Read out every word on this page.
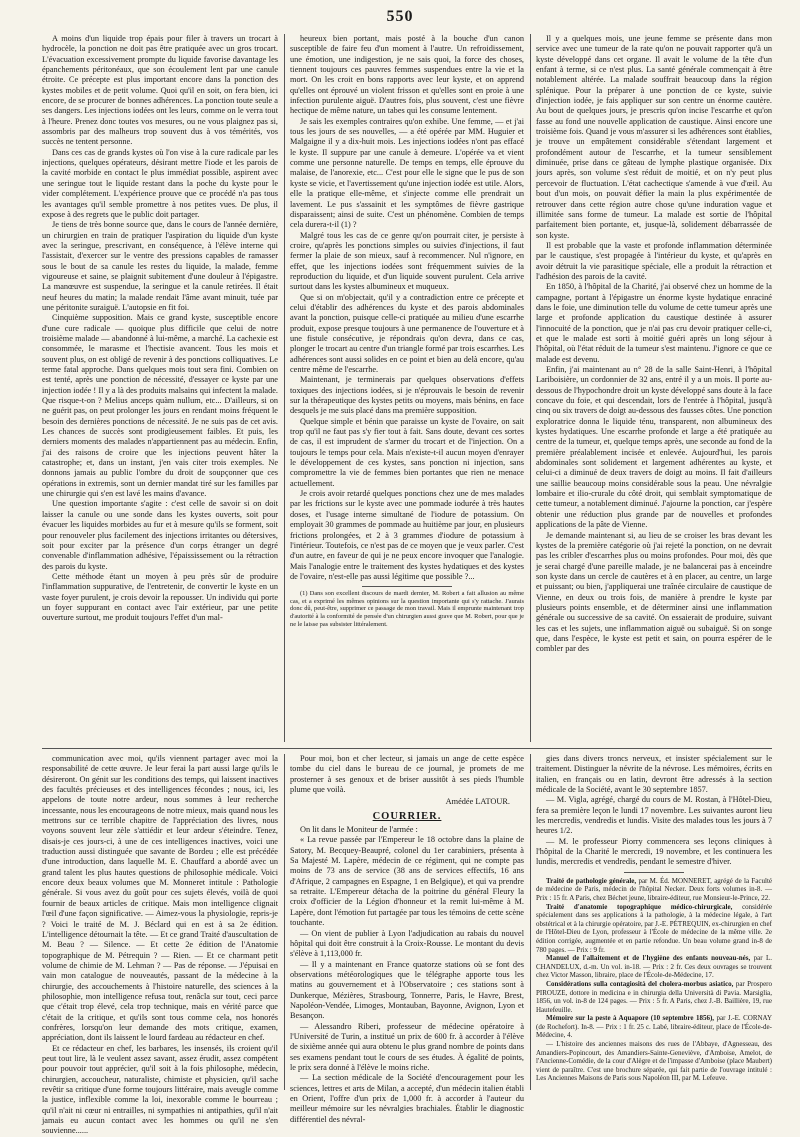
550

A moins d'un liquide trop épais pour filer à travers un trocart à hydrocèle, la ponction ne doit pas être pratiquée avec un gros trocart. L'évacuation excessivement prompte du liquide favorise davantage les épanchements péritonéaux, que son écoulement lent par une canule étroite. Ce précepte est plus important encore dans la ponction des kystes mobiles et de petit volume. Quoi qu'il en soit, on fera bien, ici encore, de se procurer de bonnes adhérences. La ponction toute seule a ses dangers. Les injections iodées ont les leurs, comme on le verra tout à l'heure. Prenez donc toutes vos mesures, ou ne vous plaignez pas si, assombris par des malheurs trop souvent dus à vos témérités, vos succès ne tentent personne.

Dans ces cas de grands kystes où l'on vise à la cure radicale par les injections, quelques opérateurs, désirant mettre l'iode et les parois de la cavité morbide en contact le plus immédiat possible, aspirent avec une seringue tout le liquide restant dans la poche du kyste pour le vider complétement. L'expérience prouve que ce procédé n'a pas tous les avantages qu'il semble promettre à nos petites vues. De plus, il expose à des regrets que le public doit partager.

Je tiens de très bonne source que, dans le cours de l'année dernière, un chirurgien en train de pratiquer l'aspiration du liquide d'un kyste avec la seringue, prescrivant, en conséquence, à l'élève interne qui l'assistait, d'exercer sur le ventre des pressions capables de ramasser sous le bout de sa canule les restes du liquide, la malade, femme vigoureuse et saine, se plaignit subitement d'une douleur à l'épigastre. La manœuvre est suspendue, la seringue et la canule retirées. Il était neuf heures du matin; la malade rendait l'âme avant minuit, tuée par une péritonite suraiguë. L'autopsie en fit foi.

Cinquième supposition. Mais ce grand kyste, susceptible encore d'une cure radicale — quoique plus difficile que celui de notre troisième malade — abandonné à lui-même, a marché. La cachexie est consommée, le marasme et l'hectisie avancent. Tous les mois et souvent plus, on est obligé de revenir à des ponctions colliquatives. Le terme fatal approche. Dans quelques mois tout sera fini. Combien on est tenté, après une ponction de nécessité, d'essayer ce kyste par une injection iodée ! Il y a là des produits malsains qui infectent la malade. Que risque-t-on ? Melius anceps quàm nullum, etc... D'ailleurs, si on ne guérit pas, on peut prolonger les jours en rendant moins fréquent le besoin des dernières ponctions de nécessité. Je ne suis pas de cet avis. Les chances de succès sont prodigieusement faibles. Et puis, les derniers moments des malades n'appartiennent pas au médecin. Enfin, j'ai des raisons de croire que les injections peuvent hâter la catastrophe; et, dans un instant, j'en vais citer trois exemples. Ne donnons jamais au public l'ombre du droit de soupçonner que ces opérations in extremis, sont un dernier mandat tiré sur les familles par une chirurgie qui s'en est lavé les mains d'avance.

Une question importante s'agite : c'est celle de savoir si on doit laisser la canule ou une sonde dans les kystes ouverts, soit pour évacuer les liquides morbides au fur et à mesure qu'ils se forment, soit pour renouveler plus facilement des injections irritantes ou détersives, soit pour exciter par la présence d'un corps étranger un degré convenable d'inflammation adhésive, l'épaississement ou la rétraction des parois du kyste.

Cette méthode étant un moyen à peu près sûr de produire l'inflammation suppurative, de l'entretenir, de convertir le kyste en un vaste foyer purulent, je crois devoir la repousser. Un individu qui porte un foyer suppurant en contact avec l'air extérieur, par une petite ouverture surtout, me produit toujours l'effet d'un mal-

heureux bien portant, mais posté à la bouche d'un canon susceptible de faire feu d'un moment à l'autre. Un refroidissement, une émotion, une indigestion, je ne sais quoi, la force des choses, tiennent toujours ces pauvres femmes suspendues entre la vie et la mort. On les croit en bons rapports avec leur kyste, et on apprend qu'elles ont éprouvé un violent frisson et qu'elles sont en proie à une infection purulente aiguë. D'autres fois, plus souvent, c'est une fièvre hectique de même nature, un tabes qui les consume lentement.

Je sais les exemples contraires qu'on exhibe. Une femme, — et j'ai tous les jours de ses nouvelles, — a été opérée par MM. Huguier et Malgaigne il y a dix-huit mois. Les injections iodées n'ont pas effacé le kyste. Il suppure par une canule à demeure. L'opérée va et vient comme une personne naturelle. De temps en temps, elle éprouve du malaise, de l'anorexie, etc... C'est pour elle le signe que le pus de son kyste se vicie, et l'avertissement qu'une injection iodée est utile. Alors, elle la pratique elle-même, et s'injecte comme elle prendrait un lavement. Le pus s'assainit et les symptômes de fièvre gastrique disparaissent; ainsi de suite. C'est un phénomène. Combien de temps cela durera-t-il (1) ?

Malgré tous les cas de ce genre qu'on pourrait citer, je persiste à croire, qu'après les ponctions simples ou suivies d'injections, il faut fermer la plaie de son mieux, sauf à recommencer. Nul n'ignore, en effet, que les injections iodées sont fréquemment suivies de la reproduction du liquide, et d'un liquide souvent purulent. Cela arrive surtout dans les kystes albumineux et muqueux.

Que si on m'objectait, qu'il y a contradiction entre ce précepte et celui d'établir des adhérences du kyste et des parois abdominales avant la ponction, puisque celle-ci pratiquée au milieu d'une escarrhe produit, expose presque toujours à une permanence de l'ouverture et à une fistule consécutive, je répondrais qu'on devra, dans ce cas, plonger le trocart au centre d'un triangle formé par trois escarrhes. Les adhérences sont aussi solides en ce point et bien au delà encore, qu'au centre même de l'escarrhe.

Maintenant, je terminerais par quelques observations d'effets toxiques des injections iodées, si je n'éprouvais le besoin de revenir sur la thérapeutique des kystes petits ou moyens, mais bénins, en face desquels je me suis placé dans ma première supposition.

Quelque simple et bénin que paraisse un kyste de l'ovaire, on sait trop qu'il ne faut pas s'y fier tout à fait. Sans doute, devant ces sortes de cas, il est imprudent de s'armer du trocart et de l'injection. On a toujours le temps pour cela. Mais n'existe-t-il aucun moyen d'enrayer le développement de ces kystes, sans ponction ni injection, sans compromettre la vie de femmes bien portantes que rien ne menace actuellement.

Je crois avoir retardé quelques ponctions chez une de mes malades par les frictions sur le kyste avec une pommade iodurée à très hautes doses, et l'usage interne simultané de l'iodure de potassium. On employait 30 grammes de pommade au huitième par jour, en plusieurs frictions prolongées, et 2 à 3 grammes d'iodure de potassium à l'intérieur. Toutefois, ce n'est pas de ce moyen que je veux parler. C'est d'un autre, en faveur de qui je ne peux encore invoquer que l'analogie. Mais l'analogie entre le traitement des kystes hydatiques et des kystes de l'ovaire, n'est-elle pas aussi légitime que possible ?...

(1) Dans son excellent discours de mardi dernier, M. Robert a fait allusion au même cas, et a exprimé les mêmes opinions sur la question importante qui s'y rattache. J'aurais donc dû, peut-être, supprimer ce passage de mon travail. Mais il emprunte maintenant trop d'autorité à la conformité de pensée d'un chirurgien aussi grave que M. Robert, pour que je ne le laisse pas subsister littéralement.

Il y a quelques mois, une jeune femme se présente dans mon service avec une tumeur de la rate qu'on ne pouvait rapporter qu'à un kyste développé dans cet organe. Il avait le volume de la tête d'un enfant à terme, si ce n'est plus. La santé générale commençait à être notablement altérée. La malade souffrait beaucoup dans la région splénique. Pour la préparer à une ponction de ce kyste, suivie d'injection iodée, je fais appliquer sur son centre un énorme cautère. Au bout de quelques jours, je prescris qu'on incise l'escarrhe et qu'on fasse au fond une nouvelle application de caustique. Ainsi encore une troisième fois. Quand je vous m'assurer si les adhérences sont établies, je trouve un empâtement considérable s'étendant largement et profondément autour de l'escarrhe, et la tumeur sensiblement diminuée, prise dans ce gâteau de lymphe plastique organisée. Dix jours après, son volume s'est réduit de moitié, et on n'y peut plus percevoir de fluctuation. L'état cachectique s'amende à vue d'œil. Au bout d'un mois, on pouvait défier la main la plus expérimentée de retrouver dans cette région autre chose qu'une induration vague et illimitée sans forme de tumeur. La malade est sortie de l'hôpital parfaitement bien portante, et, jusque-là, solidement débarrassée de son kyste.

Il est probable que la vaste et profonde inflammation déterminée par le caustique, s'est propagée à l'intérieur du kyste, et qu'après en avoir détruit la vie parasitique spéciale, elle a produit la rétraction et l'adhésion des parois de la cavité.

En 1850, à l'hôpital de la Charité, j'ai observé chez un homme de la campagne, portant à l'épigastre un énorme kyste hydatique enraciné dans le foie, une diminution telle du volume de cette tumeur après une large et profonde application du caustique destinée à assurer l'innocuité de la ponction, que je n'ai pas cru devoir pratiquer celle-ci, et que le malade est sorti à moitié guéri après un long séjour à l'hôpital, où l'état réduit de la tumeur s'est maintenu. J'ignore ce que ce malade est devenu.

Enfin, j'ai maintenant au n° 28 de la salle Saint-Henri, à l'hôpital Lariboisière, un cordonnier de 32 ans, entré il y a un mois. Il porte au-dessous de l'hypochondre droit un kyste développé sans doute à la face concave du foie, et qui descendait, lors de l'entrée à l'hôpital, jusqu'à cinq ou six travers de doigt au-dessous des fausses côtes. Une ponction exploratrice donna le liquide ténu, transparent, non albumineux des kystes hydatiques. Une escarrhe profonde et large a été pratiquée au centre de la tumeur, et, quelque temps après, une seconde au fond de la première préalablement incisée et enlevée. Aujourd'hui, les parois abdominales sont solidement et largement adhérentes au kyste, et celui-ci a diminué de deux travers de doigt au moins. Il fait d'ailleurs une saillie beaucoup moins considérable sous la peau. Une névralgie lombaire et ilio-crurale du côté droit, qui semblait symptomatique de cette tumeur, a notablement diminué. J'ajourne la ponction, car j'espère obtenir une réduction plus grande par de nouvelles et profondes applications de la pâte de Vienne.

Je demande maintenant si, au lieu de se croiser les bras devant les kystes de la première catégorie où j'ai rejeté la ponction, on ne devrait pas les cribler d'escarrhes plus ou moins profondes. Pour moi, dès que je serai chargé d'une pareille malade, je ne balancerai pas à enceindre son kyste dans un cercle de cautères et à en placer, au centre, un large et puissant; ou bien, j'appliquerai une traînée circulaire de caustique de Vienne, en deux ou trois fois, de manière à prendre le kyste par plusieurs points ensemble, et de déterminer ainsi une inflammation générale ou successive de sa cavité. On essaierait de produire, suivant les cas et les sujets, une inflammation aiguë ou subaiguë. Si on songe que, dans l'espèce, le kyste est petit et sain, on pourra espérer de le combler par des

communication avec moi, qu'ils viennent partager avec moi la responsabilité de cette œuvre. Je leur ferai la part aussi large qu'ils le désireront. On génit sur les conditions des temps, qui laissent inactives des facultés précieuses et des intelligences fécondes ; nous, ici, les appelons de toute notre ardeur, nous sommes à leur recherche incessante, nous les encourageons de notre mieux, mais quand nous les mettrons sur ce terrible chapitre de l'appréciation des livres, nous voyons souvent leur zèle s'attiédir et leur ardeur s'éteindre. Tenez, disais-je ces jours-ci, à une de ces intelligences inactives, voici une traduction aussi distinguée que savante de Bordeu ; elle est précédée d'une introduction, dans laquelle M. E. Chauffard a abordé avec un grand talent les plus hautes questions de philosophie médicale. Voici encore deux beaux volumes que M. Monneret intitule : Pathologie générale. Si vous avez du goût pour ces sujets élevés, voilà de quoi fournir de beaux articles de critique. Mais mon intelligence clignait l'œil d'une façon significative. — Aimez-vous la physiologie, repris-je ? Voici le traité de M. J. Béclard qui en est à sa 2e édition. L'intelligence détournait la tête. — Et ce grand Traité d'auscultation de M. Beau ? — Silence. — Et cette 2e édition de l'Anatomie topographique de M. Pétrequin ? — Rien. — Et ce charmant petit volume de chimie de M. Lehman ? — Pas de réponse. — J'épuisai en vain mon catalogue de nouveautés, passant de la médecine à la chirurgie, des accouchements à l'histoire naturelle, des sciences à la philosophie, mon intelligence refusa tout, renâcla sur tout, ceci parce que c'était trop élevé, cela trop technique, mais en vérité parce que c'était de la critique, et qu'ils sont tous comme cela, nos honorés confrères, lorsqu'on leur demande des mots critique, examen, appréciation, dont ils laissent le lourd fardeau au rédacteur en chef.

Et ce rédacteur en chef, les barbares, les insensés, ils croient qu'il peut tout lire, là le veulent assez savant, assez érudit, assez compétent pour pouvoir tout apprécier, qu'il soit à la fois philosophe, médecin, chirurgien, accoucheur, naturaliste, chimiste et physicien, qu'il sache revêtir sa critique d'une forme toujours littéraire, mais aveugle comme la justice, inflexible comme la loi, inexorable comme le bourreau ; qu'il n'ait ni cœur ni entrailles, ni sympathies ni antipathies, qu'il n'ait jamais eu aucun contact avec les hommes ou qu'il ne s'en souvienne......

Pour moi, bon et cher lecteur, si jamais un ange de cette espèce tombe du ciel dans le bureau de ce journal, je promets de me prosterner à ses genoux et de briser aussitôt à ses pieds l'humble plume que voilà.

Amédée LATOUR.
COURRIER.

On lit dans le Moniteur de l'armée :

« La revue passée par l'Empereur le 18 octobre dans la plaine de Satory, M. Becquey-Beaupré, colonel du 1er carabiniers, présenta à Sa Majesté M. Lapère, médecin de ce régiment, qui ne compte pas moins de 73 ans de service (38 ans de services effectifs, 16 ans d'Afrique, 2 campagnes en Espagne, 1 en Belgique), et qui va prendre sa retraite. L'Empereur détacha de la poitrine du général Fleury la croix d'officier de la Légion d'honneur et la remit lui-même à M. Lapère, dont l'émotion fut partagée par tous les témoins de cette scène touchante.

— On vient de publier à Lyon l'adjudication au rabais du nouvel hôpital qui doit être construit à la Croix-Rousse. Le montant du devis s'élève à 1,113,000 fr.

— Il y a maintenant en France quatorze stations où se font des observations météorologiques que le télégraphe apporte tous les matins au gouvernement et à l'Observatoire ; ces stations sont à Dunkerque, Mézières, Strasbourg, Tonnerre, Paris, le Havre, Brest, Napoléon-Vendée, Limoges, Montauban, Bayonne, Avignon, Lyon et Besançon.

— Alessandro Riberi, professeur de médecine opératoire à l'Université de Turin, a institué un prix de 600 fr. à accorder à l'élève de sixième année qui aura obtenu le plus grand nombre de points dans ses examens pendant tout le cours de ses études. À égalité de points, le prix sera donné à l'élève le moins riche.

— La section médicale de la Société d'encouragement pour les sciences, lettres et arts de Milan, a accepté, d'un médecin italien établi en Orient, l'offre d'un prix de 1,000 fr. à accorder à l'auteur du meilleur mémoire sur les névralgies brachiales. Établir le diagnostic différentiel des névral-

gies dans divers troncs nerveux, et insister spécialement sur le traitement. Distinguer la névrite de la névrose. Les mémoires, écrits en italien, en français ou en latin, devront être adressés à la section médicale de la Société, avant le 30 septembre 1857.

— M. Vigla, agrégé, chargé du cours de M. Rostan, à l'Hôtel-Dieu, fera sa première leçon le lundi 17 novembre. Les suivantes auront lieu les mercredis, vendredis et lundis. Visite des malades tous les jours à 7 heures 1/2.

— M. le professeur Piorry commencera ses leçons cliniques à l'hôpital de la Charité le mercredi, 19 novembre, et les continuera les lundis, mercredis et vendredis, pendant le semestre d'hiver.

Traité de pathologie générale, par M. Éd. MONNERET, agrégé de la Faculté de médecine de Paris, médecin de l'hôpital Necker. Deux forts volumes in-8. — Prix : 15 fr. A Paris, chez Béchet jeune, libraire-éditeur, rue Monsieur-le-Prince, 22.

Traité d'anatomie topographique médico-chirurgicale, considérée spécialement dans ses applications à la pathologie, à la médecine légale, à l'art obstétrical et à la chirurgie opératoire, par J.-E. PÉTREQUIN, ex-chirurgien en chef de l'Hôtel-Dieu de Lyon, professeur à l'École de médecine de la même ville. 2e édition corrigée, augmentée et en partie refondue. Un beau volume grand in-8 de 780 pages. — Prix : 9 fr.

Manuel de l'allaitement et de l'hygiène des enfants nouveau-nés, par L. CHANDELUX, d.-m. Un vol. in-18. — Prix : 2 fr. Ces deux ouvrages se trouvent chez Victor Masson, libraire, place de l'École-de-Médecine, 17.

Considérations sulla contagiosità del cholera-morbus asiatico, par Prospero PIROUZE, dottore in medicina e in chirurgia della Università di Pavia. Marsiglia, 1856, un vol. in-8 de 124 pages. — Prix : 5 fr. A Paris, chez J.-B. Baillière, 19, rue Hautefeuille.

Mémoire sur la peste à Aquapore (10 septembre 1856), par J.-E. CORNAY (de Rochefort). In-8. — Prix : 1 fr. 25 c. Labé, libraire-éditeur, place de l'École-de-Médecine, 4.

— L'histoire des anciennes maisons des rues de l'Abbaye, d'Agnesseau, des Amandiers-Popincourt, des Amandiers-Sainte-Geneviève, d'Amboise, Amelot, de l'Ancienne-Comédie, de la cour d'Alègre et de l'impasse d'Amboise (place Maubert) vient de paraître. C'est une brochure séparée, qui fait partie de l'ouvrage intitulé : Les Anciennes Maisons de Paris sous Napoléon III, par M. Lefeuve.
